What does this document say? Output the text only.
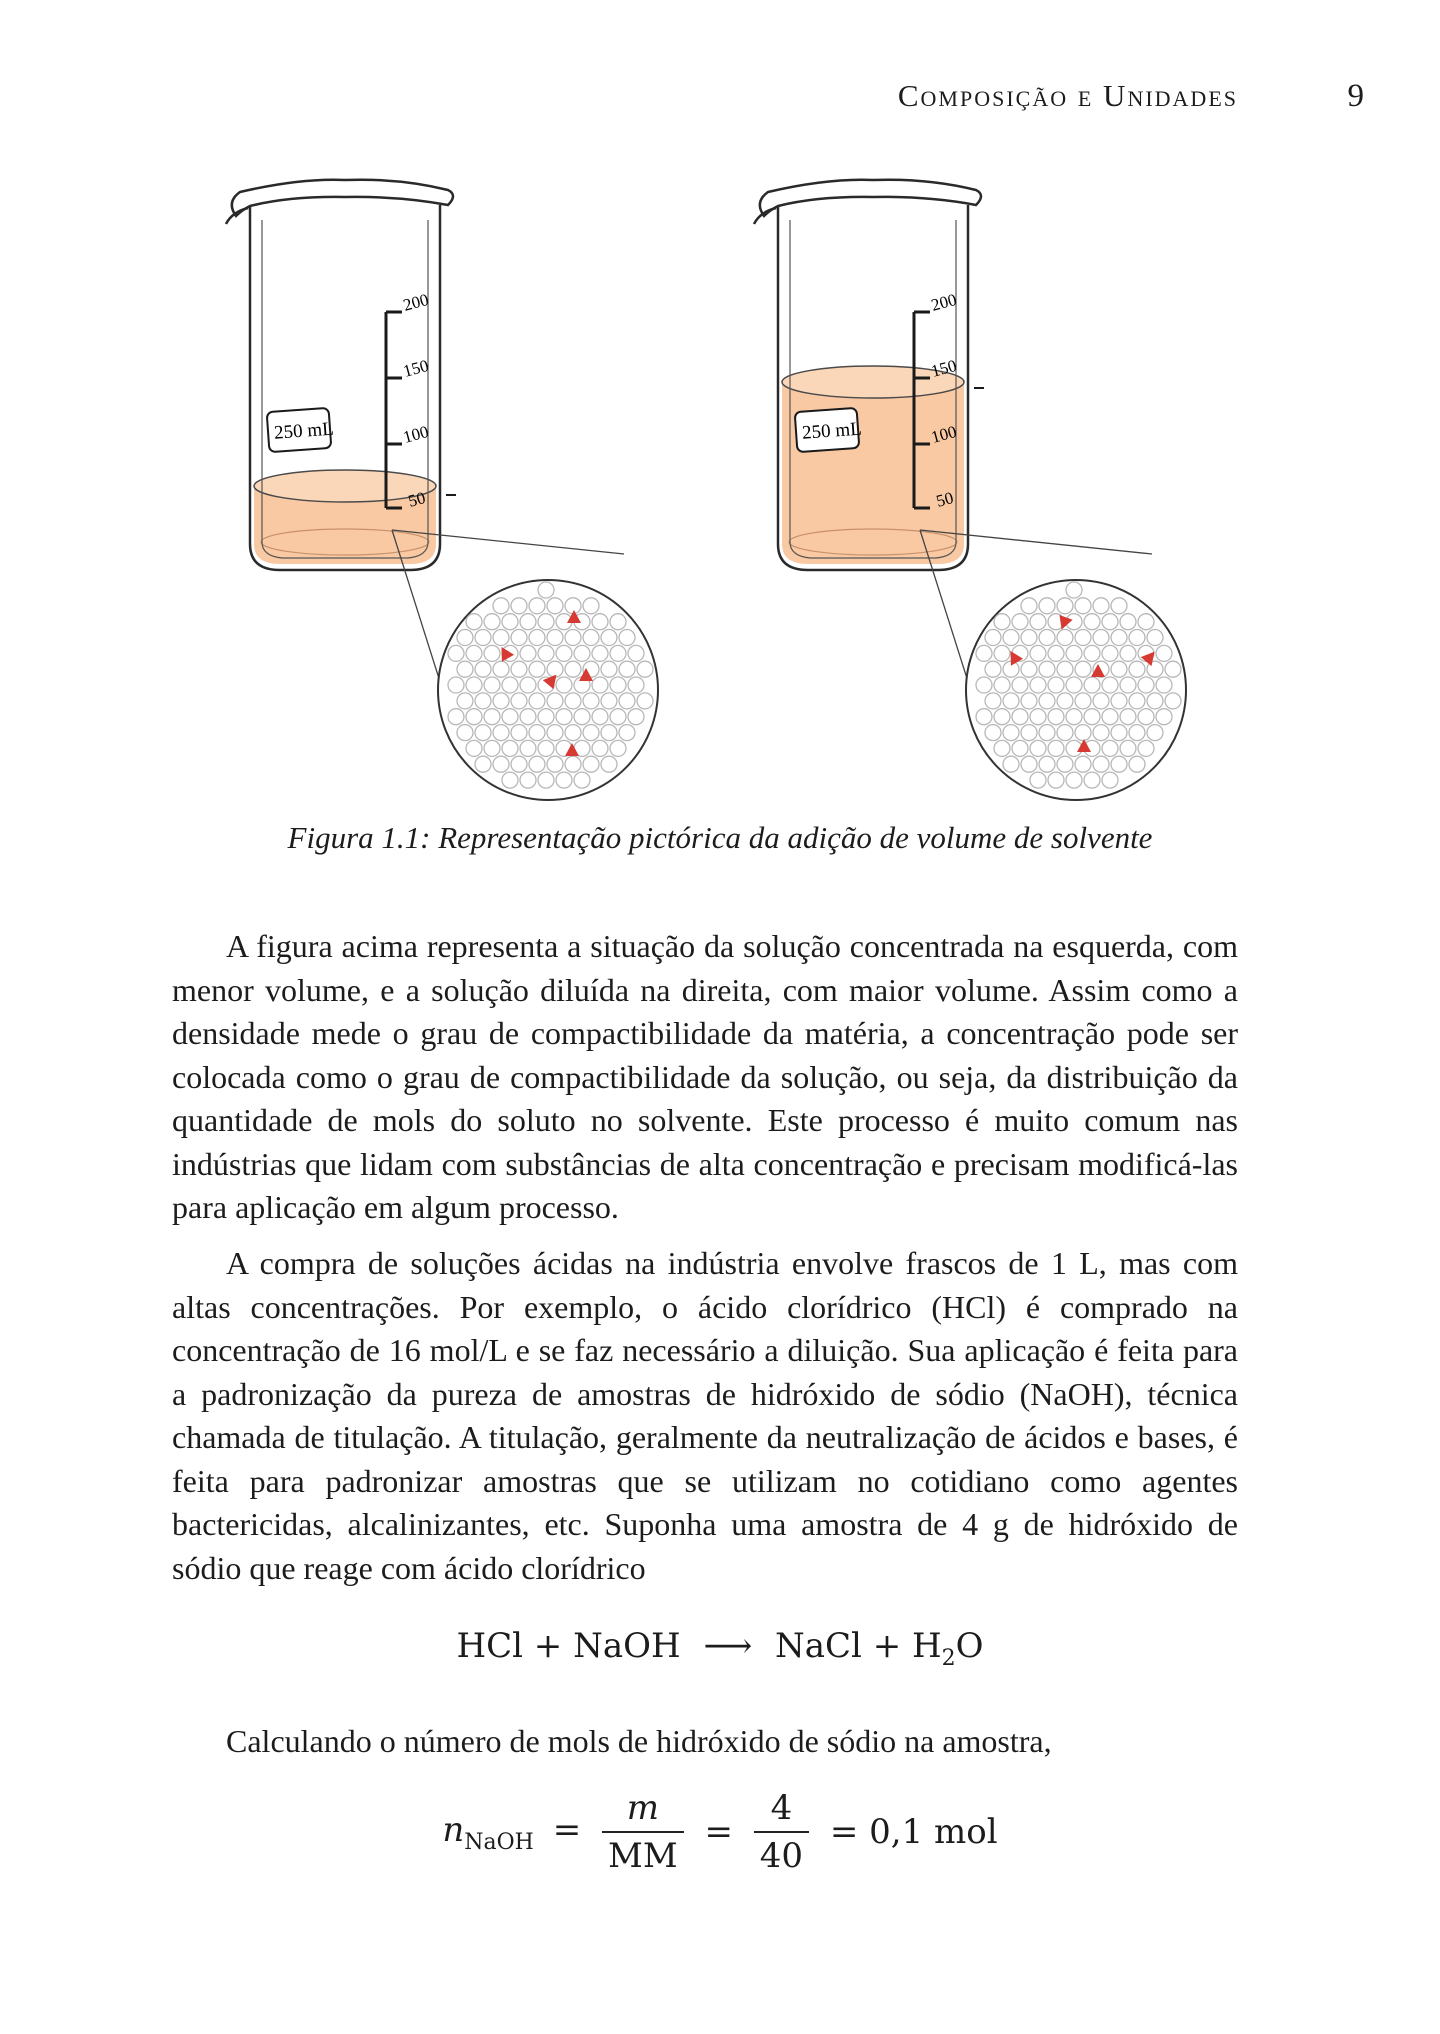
Composição e Unidades	9
200
150
100
50
250 mL
200
150
100
50
250 mL
Figura 1.1: Representação pictórica da adição de volume de solvente

A figura acima representa a situação da solução concentrada na esquerda, com menor volume, e a solução diluída na direita, com maior volume. Assim como a densidade mede o grau de compactibilidade da matéria, a concentração pode ser colocada como o grau de compactibilidade da solução, ou seja, da distribuição da quantidade de mols do soluto no solvente. Este processo é muito comum nas indústrias que lidam com substâncias de alta concentração e precisam modificá-las para aplicação em algum processo.

A compra de soluções ácidas na indústria envolve frascos de 1 L, mas com altas concentrações. Por exemplo, o ácido clorídrico (HCl) é comprado na concentração de 16 mol/L e se faz necessário a diluição. Sua aplicação é feita para a padronização da pureza de amostras de hidróxido de sódio (NaOH), técnica chamada de titulação. A titulação, geralmente da neutralização de ácidos e bases, é feita para padronizar amostras que se utilizam no cotidiano como agentes bactericidas, alcalinizantes, etc. Suponha uma amostra de 4 g de hidróxido de sódio que reage com ácido clorídrico

HCl + NaOH ⟶ NaCl + $H_2O$

Calculando o número de mols de hidróxido de sódio na amostra,

$n_{NaOH} = \frac{m}{MM} = \frac{4}{40} = 0,1$ mol
